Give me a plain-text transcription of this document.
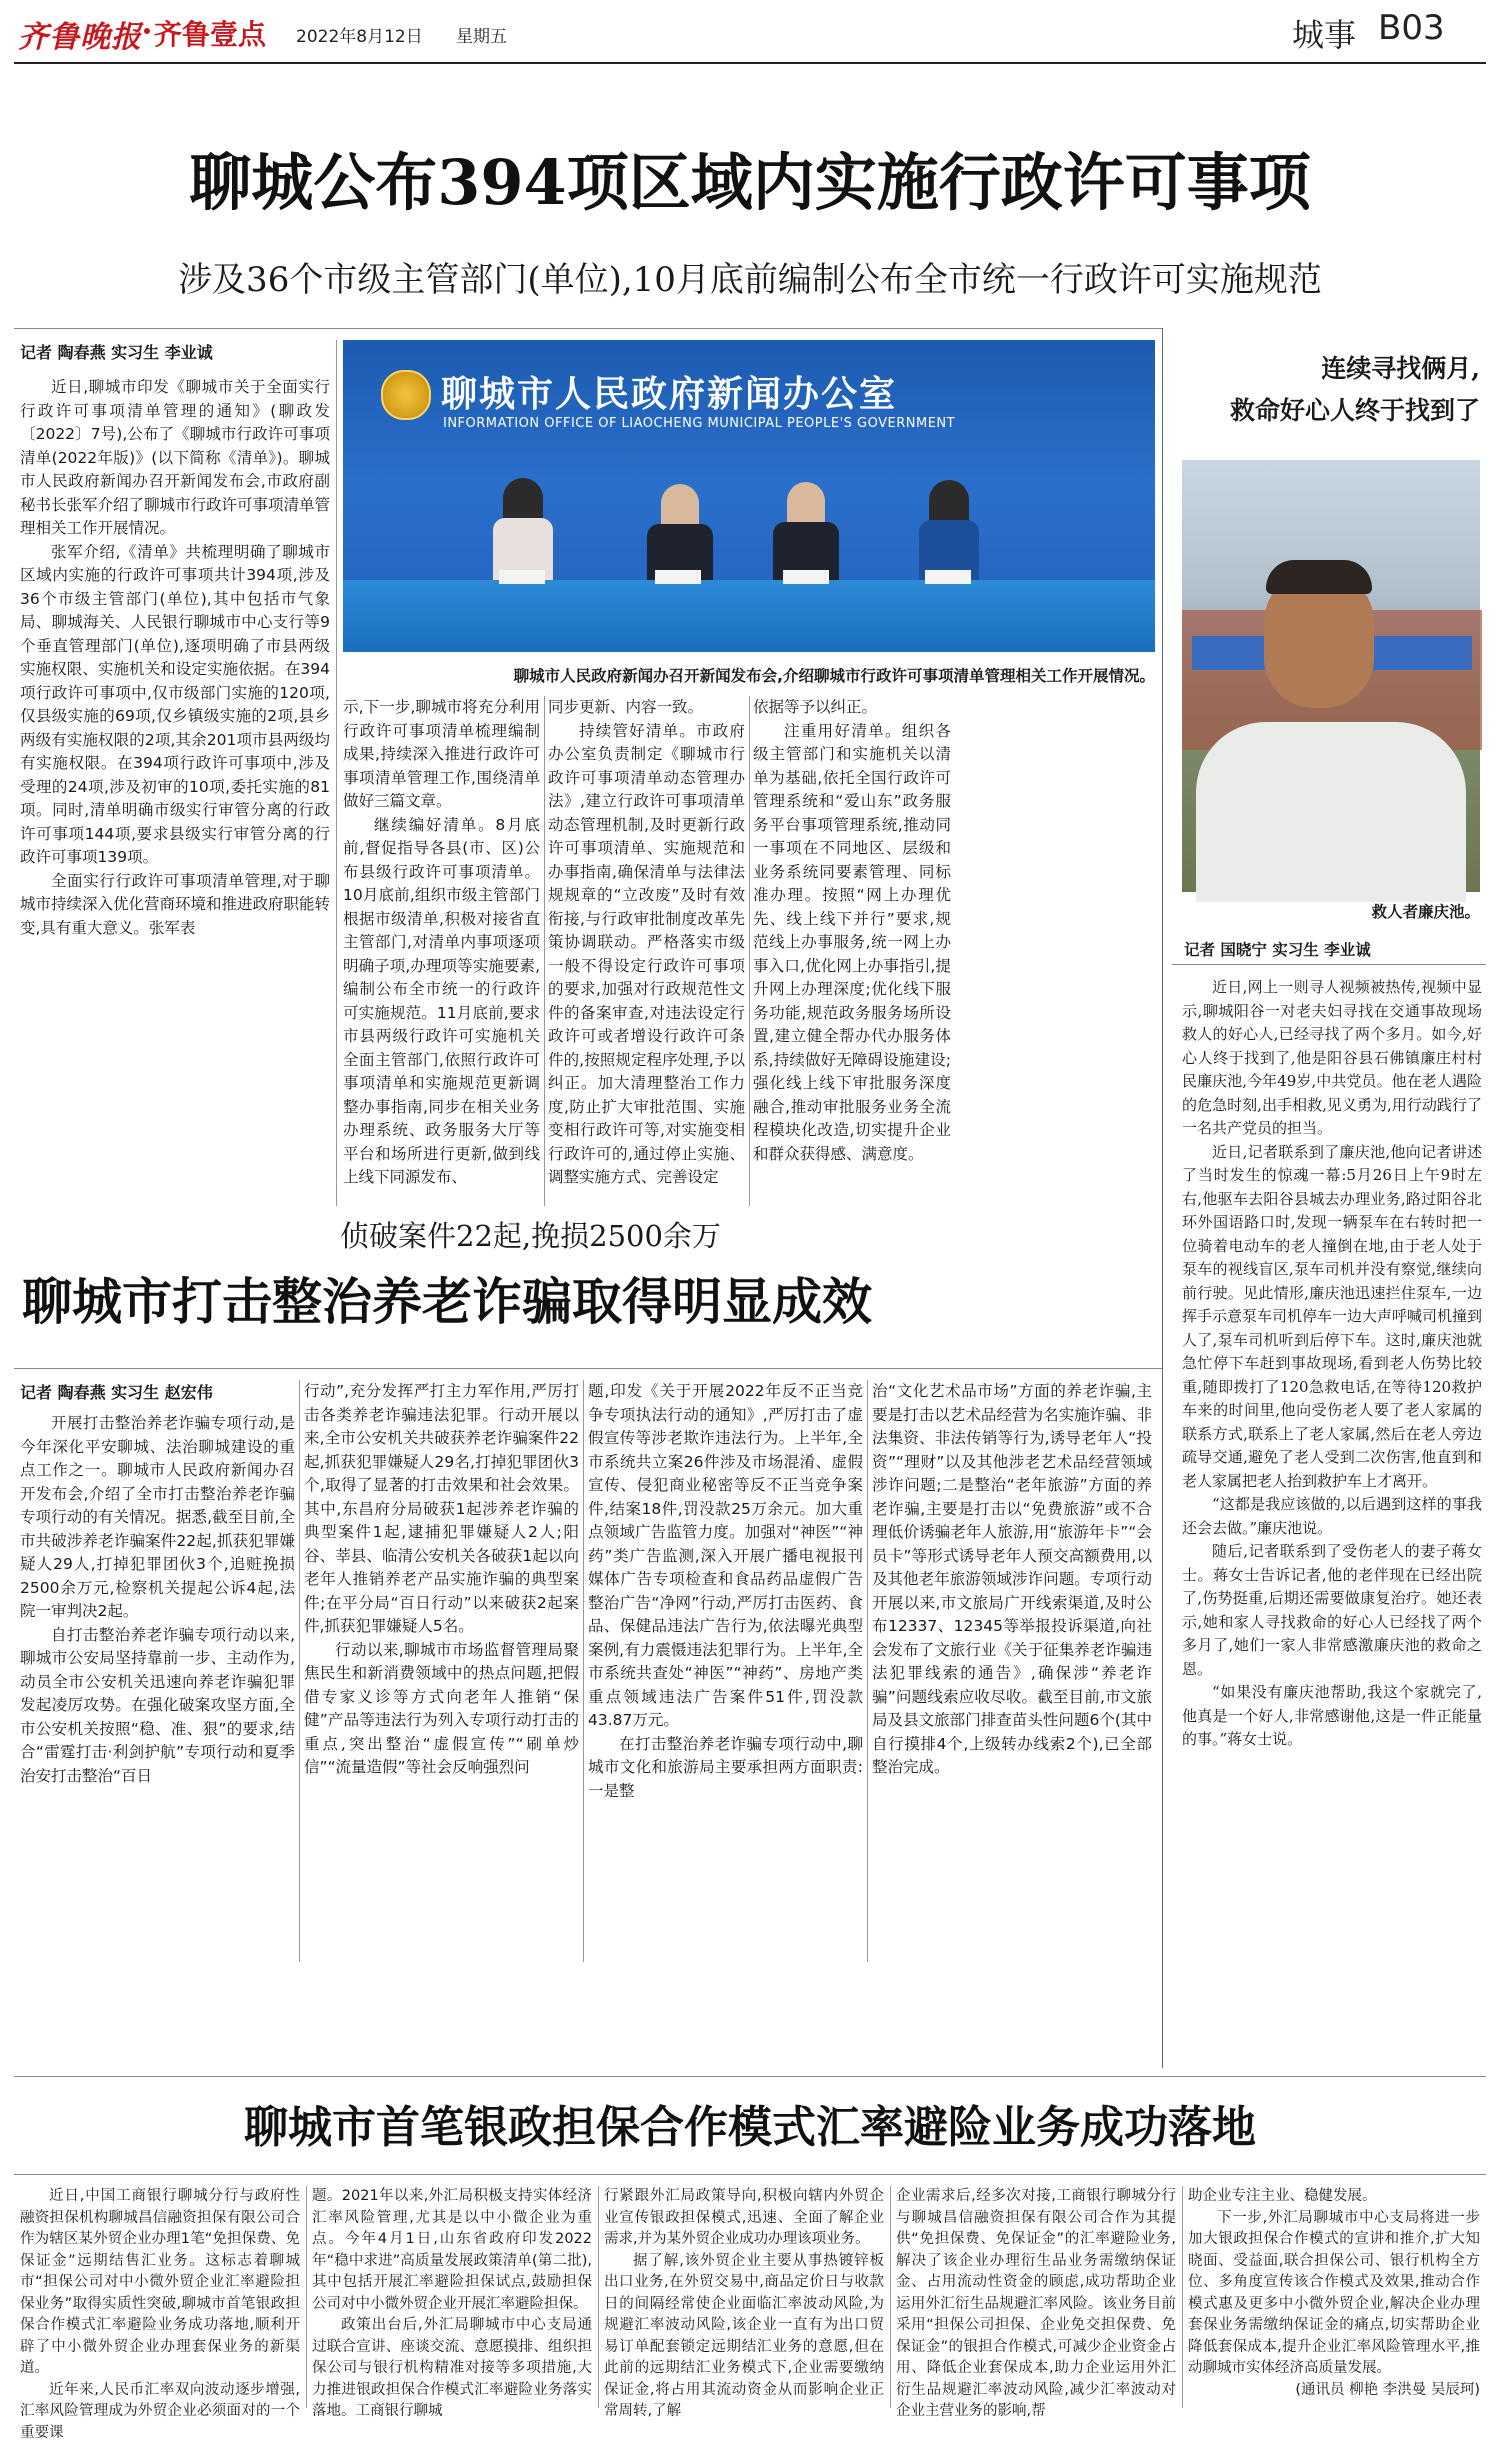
齐鲁晚报 齐鲁壹点 2022年8月12日 星期五	城事 B03
聊城公布394项区域内实施行政许可事项
涉及36个市级主管部门(单位),10月底前编制公布全市统一行政许可实施规范
记者 陶春燕 实习生 李业诚

近日,聊城市印发《聊城市关于全面实行行政许可事项清单管理的通知》(聊政发〔2022〕7号),公布了《聊城市行政许可事项清单(2022年版)》(以下简称《清单》)。聊城市人民政府新闻办召开新闻发布会,市政府副秘书长张军介绍了聊城市行政许可事项清单管理相关工作开展情况。

张军介绍,《清单》共梳理明确了聊城市区域内实施的行政许可事项共计394项,涉及36个市级主管部门(单位),其中包括市气象局、聊城海关、人民银行聊城市中心支行等9个垂直管理部门(单位),逐项明确了市县两级实施权限、实施机关和设定实施依据。在394项行政许可事项中,仅市级部门实施的120项,仅县级实施的69项,仅乡镇级实施的2项,县乡两级有实施权限的2项,其余201项市县两级均有实施权限。在394项行政许可事项中,涉及受理的24项,涉及初审的10项,委托实施的81项。同时,清单明确市级实行审管分离的行政许可事项144项,要求县级实行审管分离的行政许可事项139项。

全面实行行政许可事项清单管理,对于聊城市持续深入优化营商环境和推进政府职能转变,具有重大意义。张军表

聊城市人民政府新闻办公室
INFORMATION OFFICE OF LIAOCHENG MUNICIPAL PEOPLE'S GOVERNMENT
聊城市人民政府新闻办召开新闻发布会,介绍聊城市行政许可事项清单管理相关工作开展情况。

示,下一步,聊城市将充分利用行政许可事项清单梳理编制成果,持续深入推进行政许可事项清单管理工作,围绕清单做好三篇文章。

继续编好清单。8月底前,督促指导各县(市、区)公布县级行政许可事项清单。10月底前,组织市级主管部门根据市级清单,积极对接省直主管部门,对清单内事项逐项明确子项,办理项等实施要素,编制公布全市统一的行政许可实施规范。11月底前,要求市县两级行政许可实施机关全面主管部门,依照行政许可事项清单和实施规范更新调整办事指南,同步在相关业务办理系统、政务服务大厅等平台和场所进行更新,做到线上线下同源发布、

同步更新、内容一致。

持续管好清单。市政府办公室负责制定《聊城市行政许可事项清单动态管理办法》,建立行政许可事项清单动态管理机制,及时更新行政许可事项清单、实施规范和办事指南,确保清单与法律法规规章的“立改废”及时有效衔接,与行政审批制度改革先策协调联动。严格落实市级一般不得设定行政许可事项的要求,加强对行政规范性文件的备案审查,对违法设定行政许可或者增设行政许可条件的,按照规定程序处理,予以纠正。加大清理整治工作力度,防止扩大审批范围、实施变相行政许可等,对实施变相行政许可的,通过停止实施、调整实施方式、完善设定

依据等予以纠正。

注重用好清单。组织各级主管部门和实施机关以清单为基础,依托全国行政许可管理系统和“爱山东”政务服务平台事项管理系统,推动同一事项在不同地区、层级和业务系统同要素管理、同标准办理。按照“网上办理优先、线上线下并行”要求,规范线上办事服务,统一网上办事入口,优化网上办事指引,提升网上办理深度;优化线下服务功能,规范政务服务场所设置,建立健全帮办代办服务体系,持续做好无障碍设施建设;强化线上线下审批服务深度融合,推动审批服务业务全流程模块化改造,切实提升企业和群众获得感、满意度。

侦破案件22起,挽损2500余万
聊城市打击整治养老诈骗取得明显成效
记者 陶春燕 实习生 赵宏伟

开展打击整治养老诈骗专项行动,是今年深化平安聊城、法治聊城建设的重点工作之一。聊城市人民政府新闻办召开发布会,介绍了全市打击整治养老诈骗专项行动的有关情况。据悉,截至目前,全市共破涉养老诈骗案件22起,抓获犯罪嫌疑人29人,打掉犯罪团伙3个,追赃挽损2500余万元,检察机关提起公诉4起,法院一审判决2起。

自打击整治养老诈骗专项行动以来,聊城市公安局坚持靠前一步、主动作为,动员全市公安机关迅速向养老诈骗犯罪发起凌厉攻势。在强化破案攻坚方面,全市公安机关按照“稳、准、狠”的要求,结合“雷霆打击·利剑护航”专项行动和夏季治安打击整治“百日

行动”,充分发挥严打主力军作用,严厉打击各类养老诈骗违法犯罪。行动开展以来,全市公安机关共破获养老诈骗案件22起,抓获犯罪嫌疑人29名,打掉犯罪团伙3个,取得了显著的打击效果和社会效果。其中,东昌府分局破获1起涉养老诈骗的典型案件1起,逮捕犯罪嫌疑人2人;阳谷、莘县、临清公安机关各破获1起以向老年人推销养老产品实施诈骗的典型案件;在平分局“百日行动”以来破获2起案件,抓获犯罪嫌疑人5名。

行动以来,聊城市市场监督管理局聚焦民生和新消费领域中的热点问题,把假借专家义诊等方式向老年人推销“保健”产品等违法行为列入专项行动打击的重点,突出整治“虚假宣传”“刷单炒信”“流量造假”等社会反响强烈问

题,印发《关于开展2022年反不正当竞争专项执法行动的通知》,严厉打击了虚假宣传等涉老欺诈违法行为。上半年,全市系统共立案26件涉及市场混淆、虚假宣传、侵犯商业秘密等反不正当竞争案件,结案18件,罚没款25万余元。加大重点领域广告监管力度。加强对“神医”“神药”类广告监测,深入开展广播电视报刊媒体广告专项检查和食品药品虚假广告整治广告“净网”行动,严厉打击医药、食品、保健品违法广告行为,依法曝光典型案例,有力震慑违法犯罪行为。上半年,全市系统共查处“神医”“神药”、房地产类重点领域违法广告案件51件,罚没款43.87万元。

在打击整治养老诈骗专项行动中,聊城市文化和旅游局主要承担两方面职责:一是整

治“文化艺术品市场”方面的养老诈骗,主要是打击以艺术品经营为名实施诈骗、非法集资、非法传销等行为,诱导老年人“投资”“理财”以及其他涉老艺术品经营领域涉诈问题;二是整治“老年旅游”方面的养老诈骗,主要是打击以“免费旅游”或不合理低价诱骗老年人旅游,用“旅游年卡”“会员卡”等形式诱导老年人预交高额费用,以及其他老年旅游领域涉诈问题。专项行动开展以来,市文旅局广开线索渠道,及时公布12337、12345等举报投诉渠道,向社会发布了文旅行业《关于征集养老诈骗违法犯罪线索的通告》,确保涉“养老诈骗”问题线索应收尽收。截至目前,市文旅局及县文旅部门排查苗头性问题6个(其中自行摸排4个,上级转办线索2个),已全部整治完成。

连续寻找俩月,
救命好心人终于找到了
救人者廉庆池。
记者 国晓宁 实习生 李业诚

近日,网上一则寻人视频被热传,视频中显示,聊城阳谷一对老夫妇寻找在交通事故现场救人的好心人,已经寻找了两个多月。如今,好心人终于找到了,他是阳谷县石佛镇廉庄村村民廉庆池,今年49岁,中共党员。他在老人遇险的危急时刻,出手相救,见义勇为,用行动践行了一名共产党员的担当。

近日,记者联系到了廉庆池,他向记者讲述了当时发生的惊魂一幕:5月26日上午9时左右,他驱车去阳谷县城去办理业务,路过阳谷北环外国语路口时,发现一辆泵车在右转时把一位骑着电动车的老人撞倒在地,由于老人处于泵车的视线盲区,泵车司机并没有察觉,继续向前行驶。见此情形,廉庆池迅速拦住泵车,一边挥手示意泵车司机停车一边大声呼喊司机撞到人了,泵车司机听到后停下车。这时,廉庆池就急忙停下车赶到事故现场,看到老人伤势比较重,随即拨打了120急救电话,在等待120救护车来的时间里,他向受伤老人要了老人家属的联系方式,联系上了老人家属,然后在老人旁边疏导交通,避免了老人受到二次伤害,他直到和老人家属把老人抬到救护车上才离开。

“这都是我应该做的,以后遇到这样的事我还会去做。”廉庆池说。

随后,记者联系到了受伤老人的妻子蒋女士。蒋女士告诉记者,他的老伴现在已经出院了,伤势挺重,后期还需要做康复治疗。她还表示,她和家人寻找救命的好心人已经找了两个多月了,她们一家人非常感激廉庆池的救命之恩。

“如果没有廉庆池帮助,我这个家就完了,他真是一个好人,非常感谢他,这是一件正能量的事。”蒋女士说。

聊城市首笔银政担保合作模式汇率避险业务成功落地

近日,中国工商银行聊城分行与政府性融资担保机构聊城昌信融资担保有限公司合作为辖区某外贸企业办理1笔“免担保费、免保证金”远期结售汇业务。这标志着聊城市“担保公司对中小微外贸企业汇率避险担保业务”取得实质性突破,聊城市首笔银政担保合作模式汇率避险业务成功落地,顺利开辟了中小微外贸企业办理套保业务的新渠道。

近年来,人民币汇率双向波动逐步增强,汇率风险管理成为外贸企业必须面对的一个重要课

题。2021年以来,外汇局积极支持实体经济汇率风险管理,尤其是以中小微企业为重点。今年4月1日,山东省政府印发2022年“稳中求进”高质量发展政策清单(第二批),其中包括开展汇率避险担保试点,鼓励担保公司对中小微外贸企业开展汇率避险担保。

政策出台后,外汇局聊城市中心支局通过联合宣讲、座谈交流、意愿摸排、组织担保公司与银行机构精准对接等多项措施,大力推进银政担保合作模式汇率避险业务落实落地。工商银行聊城

行紧跟外汇局政策导向,积极向辖内外贸企业宣传银政担保模式,迅速、全面了解企业需求,并为某外贸企业成功办理该项业务。

据了解,该外贸企业主要从事热镀锌板出口业务,在外贸交易中,商品定价日与收款日的间隔经常使企业面临汇率波动风险,为规避汇率波动风险,该企业一直有为出口贸易订单配套锁定远期结汇业务的意愿,但在此前的远期结汇业务模式下,企业需要缴纳保证金,将占用其流动资金从而影响企业正常周转,了解

企业需求后,经多次对接,工商银行聊城分行与聊城昌信融资担保有限公司合作为其提供“免担保费、免保证金”的汇率避险业务,解决了该企业办理衍生品业务需缴纳保证金、占用流动性资金的顾虑,成功帮助企业运用外汇衍生品规避汇率风险。该业务目前采用“担保公司担保、企业免交担保费、免保证金”的银担合作模式,可减少企业资金占用、降低企业套保成本,助力企业运用外汇衍生品规避汇率波动风险,减少汇率波动对企业主营业务的影响,帮

助企业专注主业、稳健发展。

下一步,外汇局聊城市中心支局将进一步加大银政担保合作模式的宣讲和推介,扩大知晓面、受益面,联合担保公司、银行机构全方位、多角度宣传该合作模式及效果,推动合作模式惠及更多中小微外贸企业,解决企业办理套保业务需缴纳保证金的痛点,切实帮助企业降低套保成本,提升企业汇率风险管理水平,推动聊城市实体经济高质量发展。

(通讯员 柳艳 李洪曼 吴辰珂)
